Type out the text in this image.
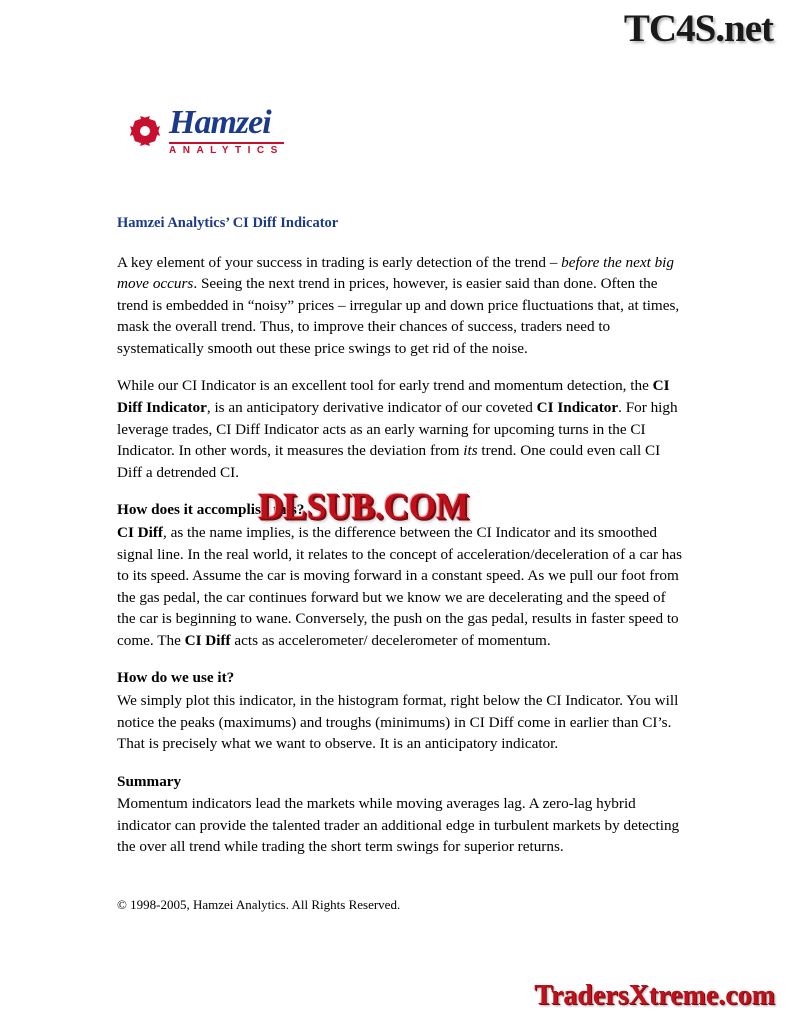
TC4S.net
Hamzei
ANALYTICS
Hamzei Analytics’ CI Diff Indicator

A key element of your success in trading is early detection of the trend – before the next big move occurs. Seeing the next trend in prices, however, is easier said than done. Often the trend is embedded in “noisy” prices – irregular up and down price fluctuations that, at times, mask the overall trend. Thus, to improve their chances of success, traders need to systematically smooth out these price swings to get rid of the noise.

While our CI Indicator is an excellent tool for early trend and momentum detection, the CI Diff Indicator, is an anticipatory derivative indicator of our coveted CI Indicator. For high leverage trades, CI Diff Indicator acts as an early warning for upcoming turns in the CI Indicator. In other words, it measures the deviation from its trend. One could even call CI Diff a detrended CI.

How does it accomplish this?

CI Diff, as the name implies, is the difference between the CI Indicator and its smoothed signal line. In the real world, it relates to the concept of acceleration/deceleration of a car has to its speed. Assume the car is moving forward in a constant speed. As we pull our foot from the gas pedal, the car continues forward but we know we are decelerating and the speed of the car is beginning to wane. Conversely, the push on the gas pedal, results in faster speed to come. The CI Diff acts as accelerometer/ decelerometer of momentum.

How do we use it?

We simply plot this indicator, in the histogram format, right below the CI Indicator. You will notice the peaks (maximums) and troughs (minimums) in CI Diff come in earlier than CI’s. That is precisely what we want to observe. It is an anticipatory indicator.

Summary

Momentum indicators lead the markets while moving averages lag. A zero-lag hybrid indicator can provide the talented trader an additional edge in turbulent markets by detecting the over all trend while trading the short term swings for superior returns.

© 1998-2005, Hamzei Analytics. All Rights Reserved.
DLSUB.COM
TradersXtreme.com
